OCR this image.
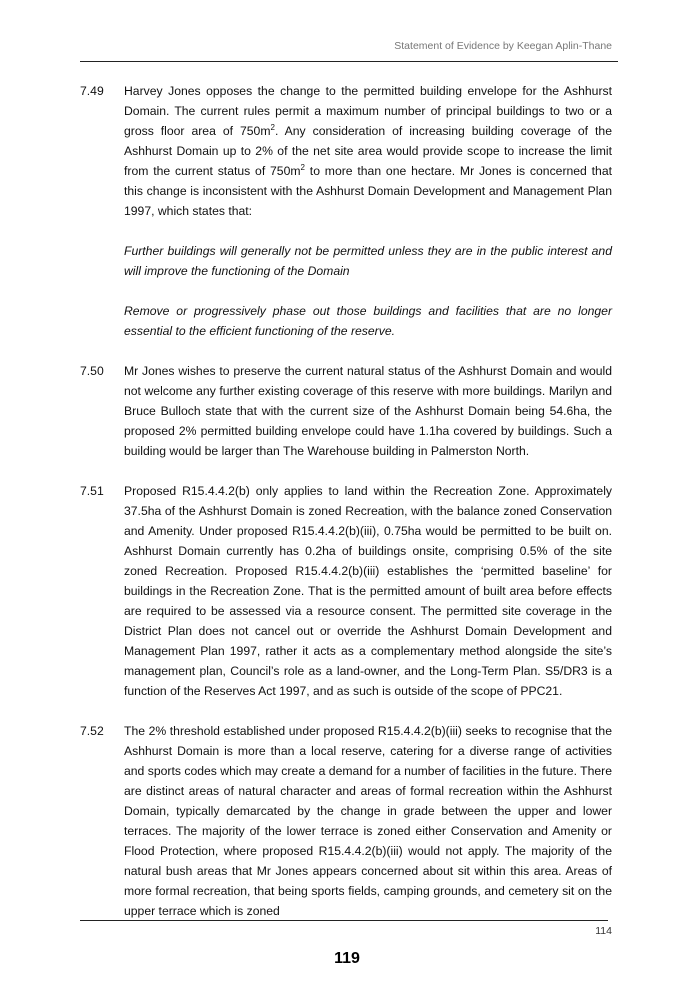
Statement of Evidence by Keegan Aplin-Thane
7.49	Harvey Jones opposes the change to the permitted building envelope for the Ashhurst Domain. The current rules permit a maximum number of principal buildings to two or a gross floor area of $750m^2$. Any consideration of increasing building coverage of the Ashhurst Domain up to 2% of the net site area would provide scope to increase the limit from the current status of $750m^2$ to more than one hectare. Mr Jones is concerned that this change is inconsistent with the Ashhurst Domain Development and Management Plan 1997, which states that:

Further buildings will generally not be permitted unless they are in the public interest and will improve the functioning of the Domain

Remove or progressively phase out those buildings and facilities that are no longer essential to the efficient functioning of the reserve.

7.50	Mr Jones wishes to preserve the current natural status of the Ashhurst Domain and would not welcome any further existing coverage of this reserve with more buildings. Marilyn and Bruce Bulloch state that with the current size of the Ashhurst Domain being 54.6ha, the proposed 2% permitted building envelope could have 1.1ha covered by buildings. Such a building would be larger than The Warehouse building in Palmerston North.

7.51	Proposed R15.4.4.2(b) only applies to land within the Recreation Zone. Approximately 37.5ha of the Ashhurst Domain is zoned Recreation, with the balance zoned Conservation and Amenity. Under proposed R15.4.4.2(b)(iii), 0.75ha would be permitted to be built on. Ashhurst Domain currently has 0.2ha of buildings onsite, comprising 0.5% of the site zoned Recreation. Proposed R15.4.4.2(b)(iii) establishes the ‘permitted baseline’ for buildings in the Recreation Zone. That is the permitted amount of built area before effects are required to be assessed via a resource consent. The permitted site coverage in the District Plan does not cancel out or override the Ashhurst Domain Development and Management Plan 1997, rather it acts as a complementary method alongside the site’s management plan, Council’s role as a land-owner, and the Long-Term Plan. S5/DR3 is a function of the Reserves Act 1997, and as such is outside of the scope of PPC21.

7.52	The 2% threshold established under proposed R15.4.4.2(b)(iii) seeks to recognise that the Ashhurst Domain is more than a local reserve, catering for a diverse range of activities and sports codes which may create a demand for a number of facilities in the future. There are distinct areas of natural character and areas of formal recreation within the Ashhurst Domain, typically demarcated by the change in grade between the upper and lower terraces. The majority of the lower terrace is zoned either Conservation and Amenity or Flood Protection, where proposed R15.4.4.2(b)(iii) would not apply. The majority of the natural bush areas that Mr Jones appears concerned about sit within this area. Areas of more formal recreation, that being sports fields, camping grounds, and cemetery sit on the upper terrace which is zoned

114
119
